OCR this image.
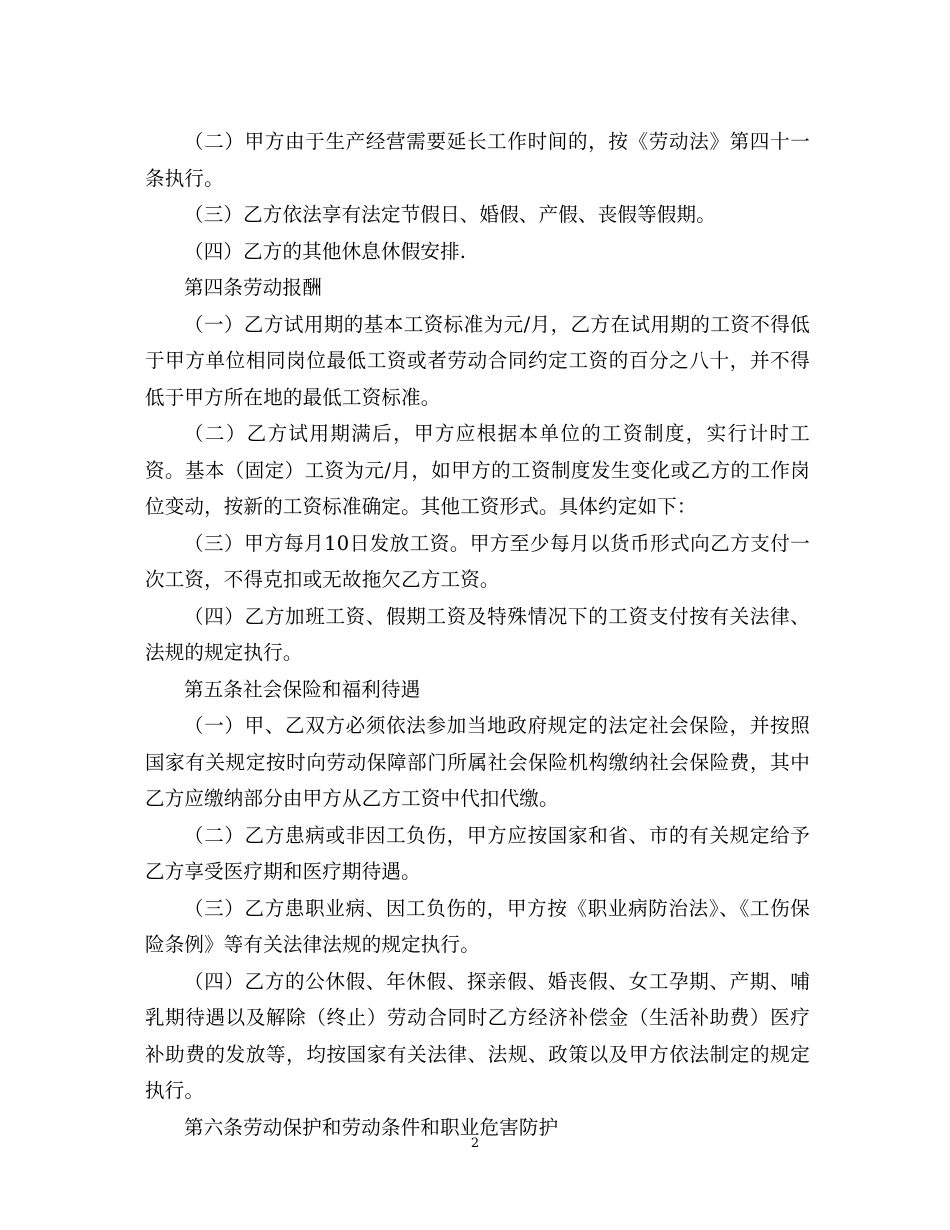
（二）甲方由于生产经营需要延长工作时间的，按《劳动法》第四十一条执行。

（三）乙方依法享有法定节假日、婚假、产假、丧假等假期。

（四）乙方的其他休息休假安排.

第四条劳动报酬

（一）乙方试用期的基本工资标准为元/月，乙方在试用期的工资不得低于甲方单位相同岗位最低工资或者劳动合同约定工资的百分之八十，并不得低于甲方所在地的最低工资标准。

（二）乙方试用期满后，甲方应根据本单位的工资制度，实行计时工资。基本（固定）工资为元/月，如甲方的工资制度发生变化或乙方的工作岗位变动，按新的工资标准确定。其他工资形式。具体约定如下：

（三）甲方每月10日发放工资。甲方至少每月以货币形式向乙方支付一次工资，不得克扣或无故拖欠乙方工资。

（四）乙方加班工资、假期工资及特殊情况下的工资支付按有关法律、法规的规定执行。

第五条社会保险和福利待遇

（一）甲、乙双方必须依法参加当地政府规定的法定社会保险，并按照国家有关规定按时向劳动保障部门所属社会保险机构缴纳社会保险费，其中乙方应缴纳部分由甲方从乙方工资中代扣代缴。

（二）乙方患病或非因工负伤，甲方应按国家和省、市的有关规定给予乙方享受医疗期和医疗期待遇。

（三）乙方患职业病、因工负伤的，甲方按《职业病防治法》、《工伤保险条例》等有关法律法规的规定执行。

（四）乙方的公休假、年休假、探亲假、婚丧假、女工孕期、产期、哺乳期待遇以及解除（终止）劳动合同时乙方经济补偿金（生活补助费）医疗补助费的发放等，均按国家有关法律、法规、政策以及甲方依法制定的规定执行。

第六条劳动保护和劳动条件和职业危害防护

2
